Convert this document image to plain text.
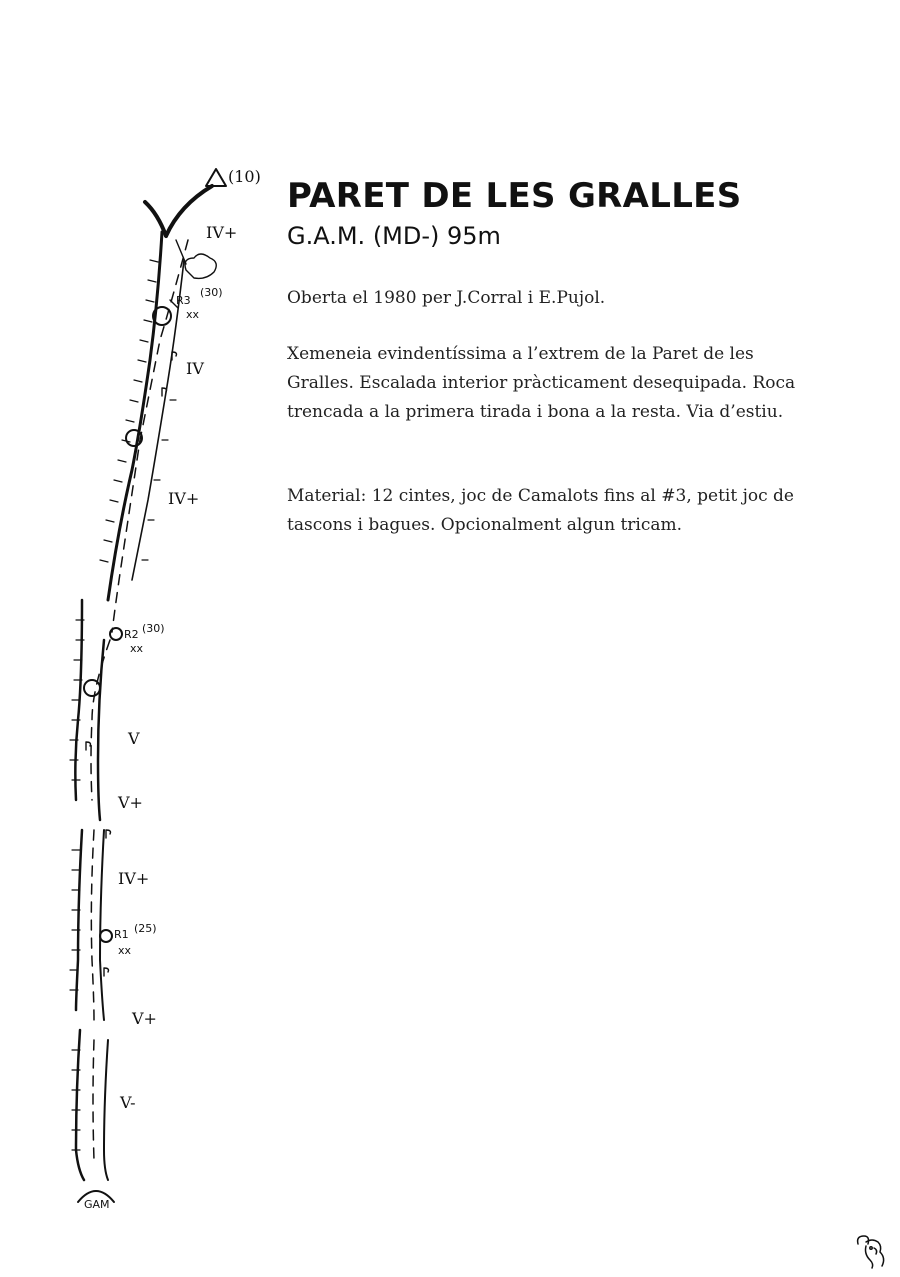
(10)
R3
(30)
xx
R2 (30)
xx
R1 (25)
xx
IV+
IV
IV+
V
V+
IV+
V+
V-
GAM
PARET DE LES GRALLES
G.A.M. (MD-) 95m

Oberta el 1980 per J.Corral i E.Pujol.

Xemeneia evindentíssima a l’extrem de la Paret de les Gralles. Escalada interior pràcticament desequipada. Roca trencada a la primera tirada i bona a la resta. Via d’estiu.

Material: 12 cintes, joc de Camalots fins al #3, petit joc de tascons i bagues. Opcionalment algun tricam.
